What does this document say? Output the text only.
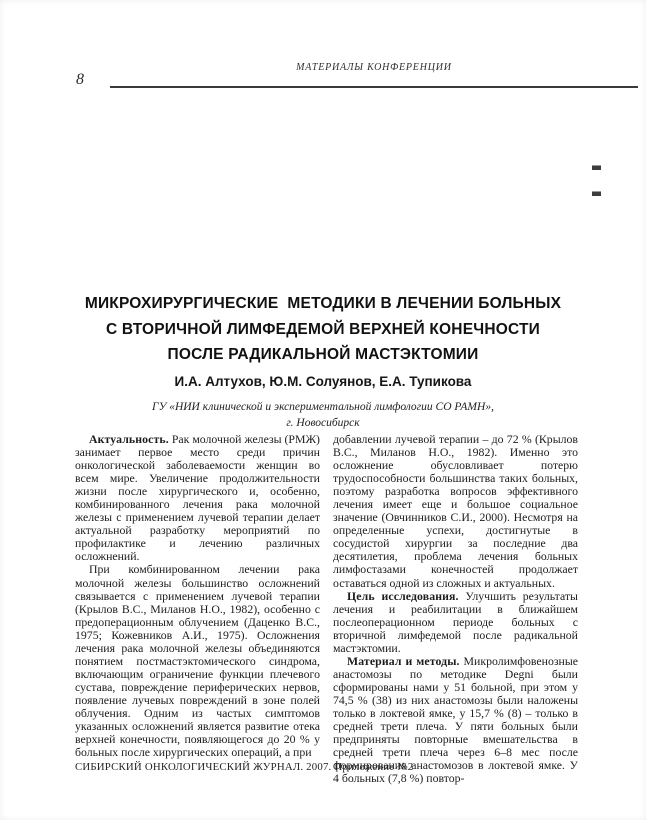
8
МАТЕРИАЛЫ КОНФЕРЕНЦИИ
МИКРОХИРУРГИЧЕСКИЕ  МЕТОДИКИ В ЛЕЧЕНИИ БОЛЬНЫХ
С ВТОРИЧНОЙ ЛИМФЕДЕМОЙ ВЕРХНЕЙ КОНЕЧНОСТИ
ПОСЛЕ РАДИКАЛЬНОЙ МАСТЭКТОМИИ
И.А. Алтухов, Ю.М. Солуянов, Е.А. Тупикова
ГУ «НИИ клинической и экспериментальной лимфологии СО РАМН»,
г. Новосибирск

Актуальность. Рак молочной железы (РМЖ) занимает первое место среди причин онкологической заболеваемости женщин во всем мире. Увеличение продолжительности жизни после хирургического и, особенно, комбинированного лечения рака молочной железы с применением лучевой терапии делает актуальной разработку мероприятий по профилактике и лечению различных осложнений.

При комбинированном лечении рака молочной железы большинство осложнений связывается с применением лучевой терапии (Крылов В.С., Миланов Н.О., 1982), особенно с предоперационным облучением (Даценко В.С., 1975; Кожевников А.И., 1975). Осложнения лечения рака молочной железы объединяются понятием постмастэктомического синдрома, включающим ограничение функции плечевого сустава, повреждение периферических нервов, появление лучевых повреждений в зоне полей облучения. Одним из частых симптомов указанных осложнений является развитие отека верхней конечности, появляющегося до 20 % у больных после хирургических операций, а при

добавлении лучевой терапии – до 72 % (Крылов В.С., Миланов Н.О., 1982). Именно это осложнение обусловливает потерю трудоспособности большинства таких больных, поэтому разработка вопросов эффективного лечения имеет еще и большое социальное значение (Овчинников С.И., 2000). Несмотря на определенные успехи, достигнутые в сосудистой хирургии за последние два десятилетия, проблема лечения больных лимфостазами конечностей продолжает оставаться одной из сложных и актуальных.

Цель исследования. Улучшить результаты лечения и реабилитации в ближайшем послеоперационном периоде больных с вторичной лимфедемой после радикальной мастэктомии.

Материал и методы. Микролимфовенозные анастомозы по методике Degni были сформированы нами у 51 больной, при этом у 74,5 % (38) из них анастомозы были наложены только в локтевой ямке, у 15,7 % (8) – только в средней трети плеча. У пяти больных были предприняты повторные вмешательства в средней трети плеча через 6–8 мес после формирования анастомозов в локтевой ямке. У 4 больных (7,8 %) повтор-

СИБИРСКИЙ ОНКОЛОГИЧЕСКИЙ ЖУРНАЛ. 2007. Приложение №2
